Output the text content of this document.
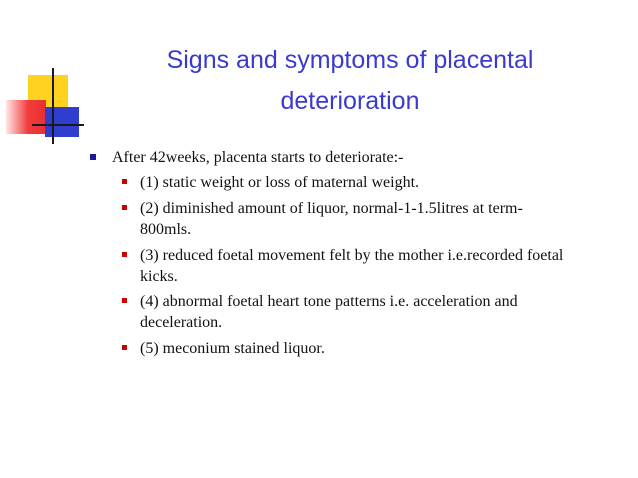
Signs and symptoms of placental
deterioration
After 42weeks, placenta starts to deteriorate:-
(1) static weight or loss of maternal weight.
(2) diminished amount of liquor, normal-1-1.5litres at term-
800mls.
(3) reduced foetal movement felt by the mother i.e.recorded foetal
kicks.
(4) abnormal foetal heart tone patterns i.e. acceleration and
deceleration.
(5) meconium stained liquor.
